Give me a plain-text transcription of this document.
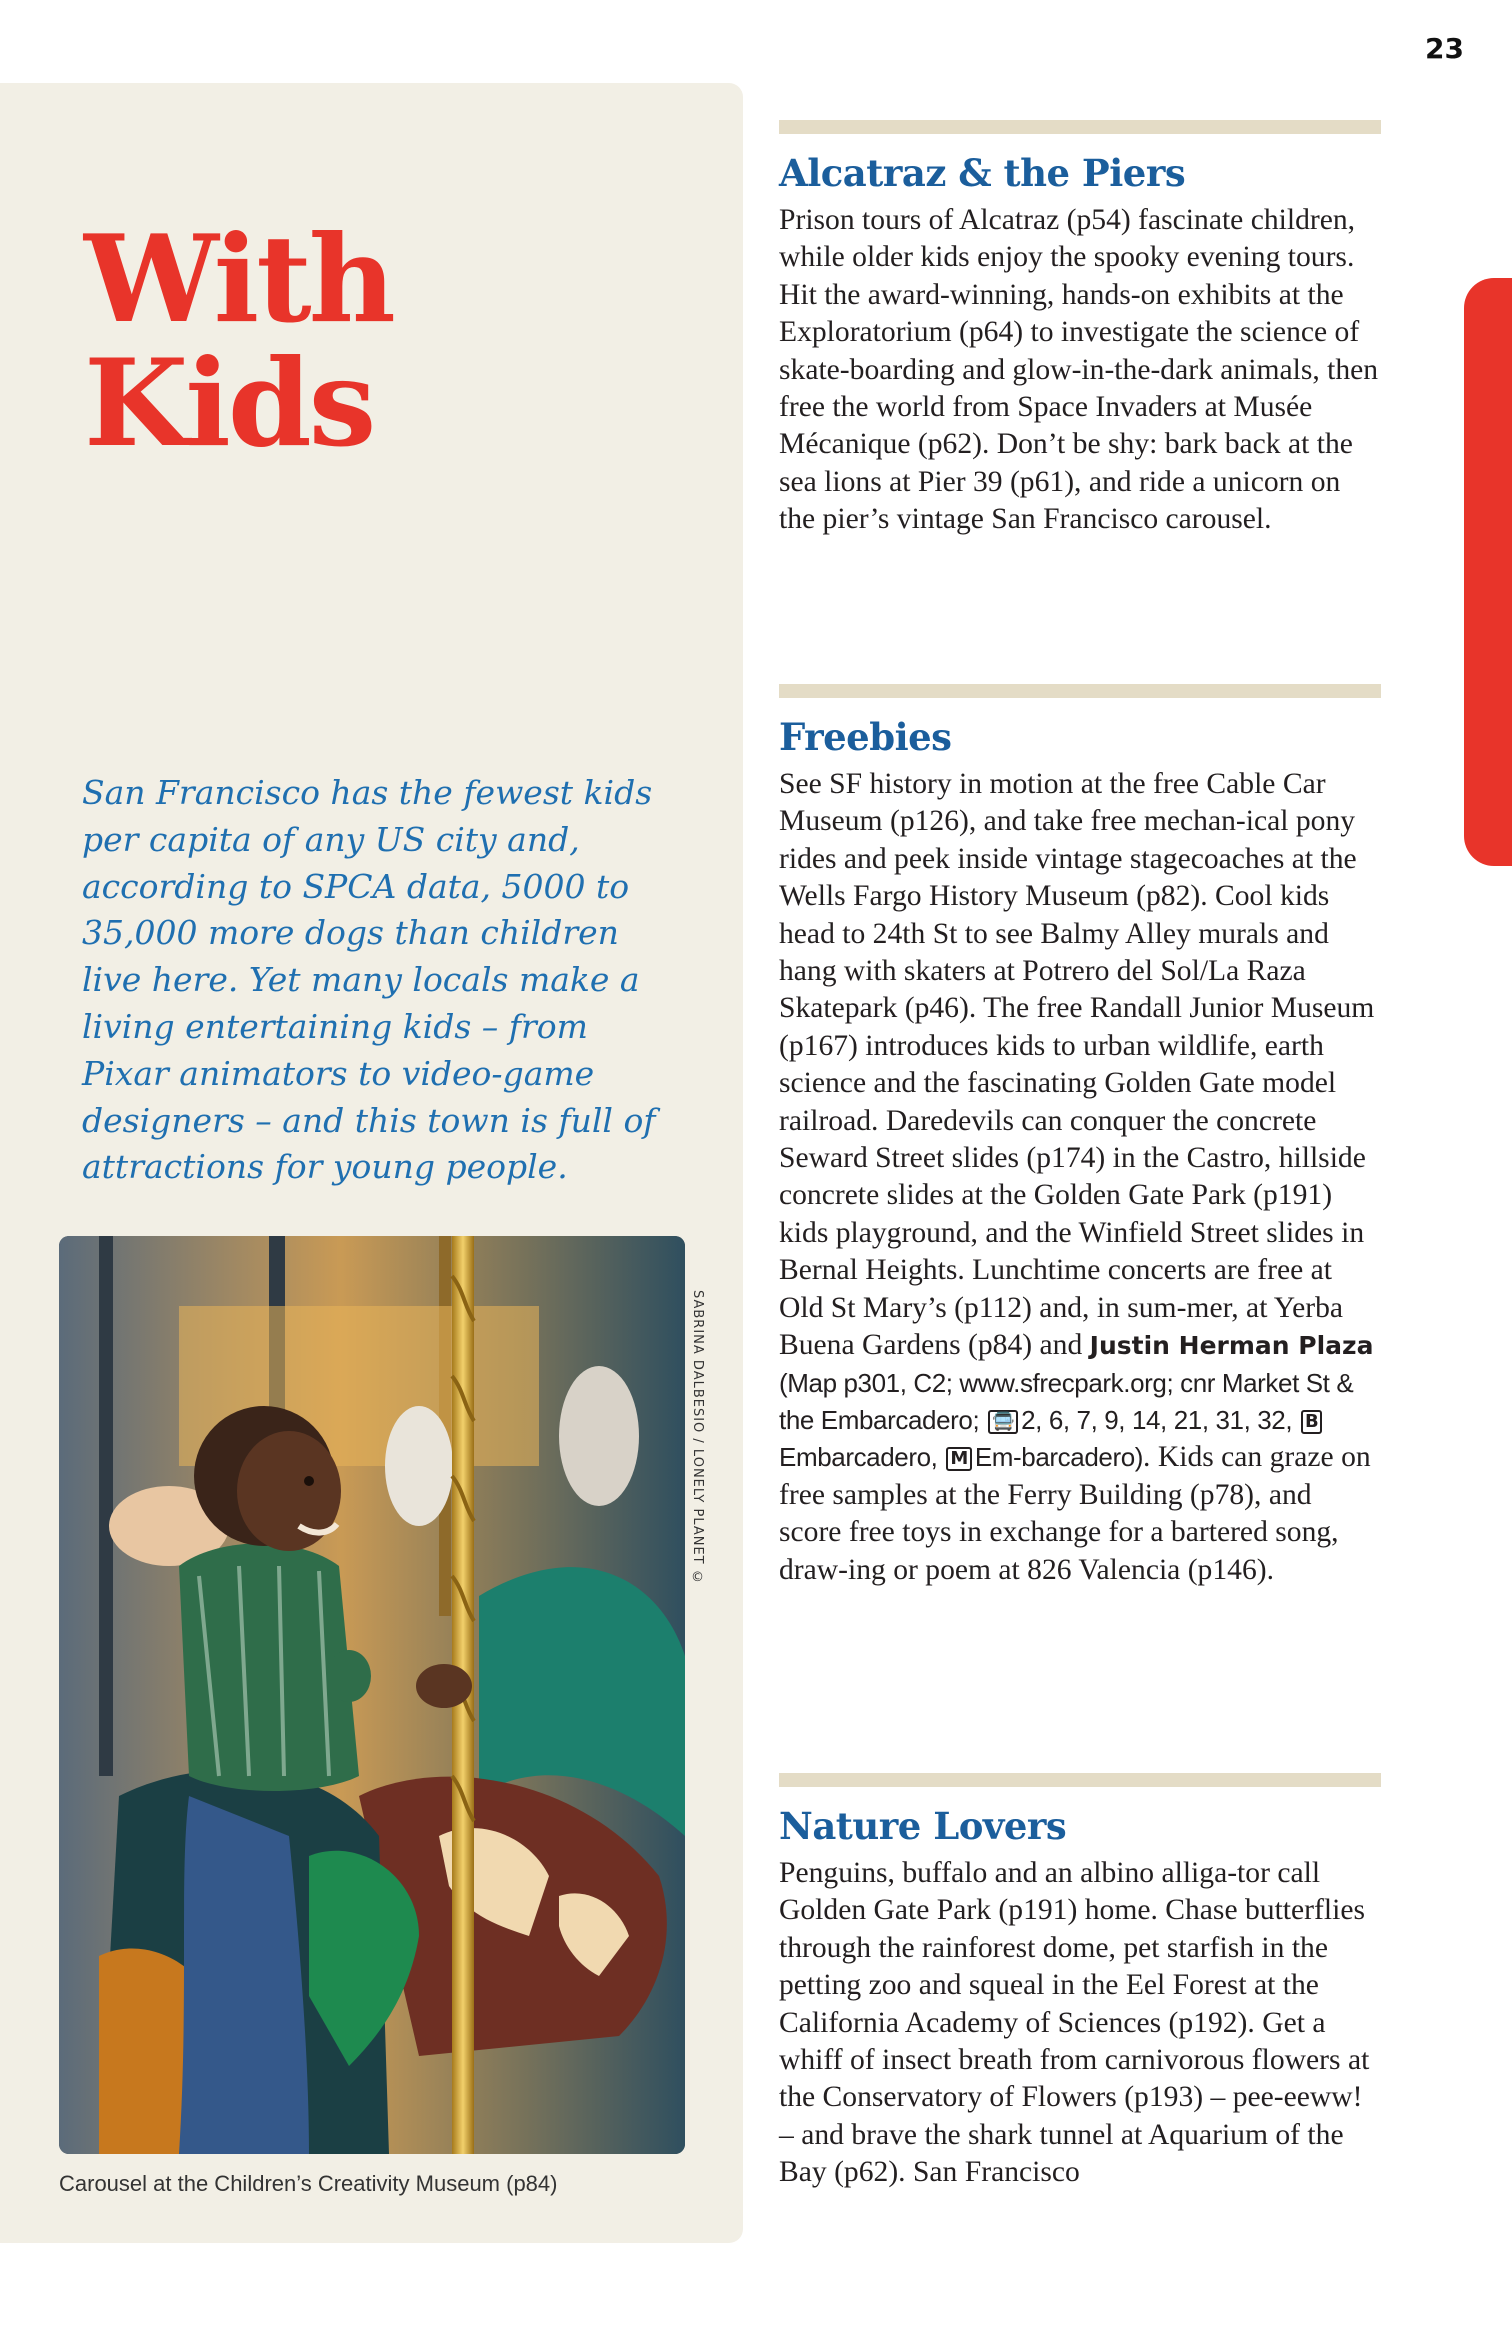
23
With
Kids

San Francisco has the fewest kids per capita of any US city and, according to SPCA data, 5000 to 35,000 more dogs than children live here. Yet many locals make a living entertaining kids – from Pixar animators to video-game designers – and this town is full of attractions for young people.

SABRINA DALBESIO / LONELY PLANET ©
Carousel at the Children’s Creativity Museum (p84)
Alcatraz & the Piers

Prison tours of Alcatraz (p54) fascinate children, while older kids enjoy the spooky evening tours. Hit the award-winning, hands-on exhibits at the Exploratorium (p64) to investigate the science of skate-boarding and glow-in-the-dark animals, then free the world from Space Invaders at Musée Mécanique (p62). Don’t be shy: bark back at the sea lions at Pier 39 (p61), and ride a unicorn on the pier’s vintage San Francisco carousel.

Freebies

See SF history in motion at the free Cable Car Museum (p126), and take free mechan-ical pony rides and peek inside vintage stagecoaches at the Wells Fargo History Museum (p82). Cool kids head to 24th St to see Balmy Alley murals and hang with skaters at Potrero del Sol/La Raza Skatepark (p46). The free Randall Junior Museum (p167) introduces kids to urban wildlife, earth science and the fascinating Golden Gate model railroad. Daredevils can conquer the concrete Seward Street slides (p174) in the Castro, hillside concrete slides at the Golden Gate Park (p191) kids playground, and the Winfield Street slides in Bernal Heights. Lunchtime concerts are free at Old St Mary’s (p112) and, in sum-mer, at Yerba Buena Gardens (p84) and Justin Herman Plaza (Map p301, C2; www.sfrecpark.org; cnr Market St & the Embarcadero; 🚍 2, 6, 7, 9, 14, 21, 31, 32, BEmbarcadero, M Em-barcadero). Kids can graze on free samples at the Ferry Building (p78), and score free toys in exchange for a bartered song, draw-ing or poem at 826 Valencia (p146).

Nature Lovers

Penguins, buffalo and an albino alliga-tor call Golden Gate Park (p191) home. Chase butterflies through the rainforest dome, pet starfish in the petting zoo and squeal in the Eel Forest at the California Academy of Sciences (p192). Get a whiff of insect breath from carnivorous flowers at the Conservatory of Flowers (p193) – pee-eeww! – and brave the shark tunnel at Aquarium of the Bay (p62). San Francisco
